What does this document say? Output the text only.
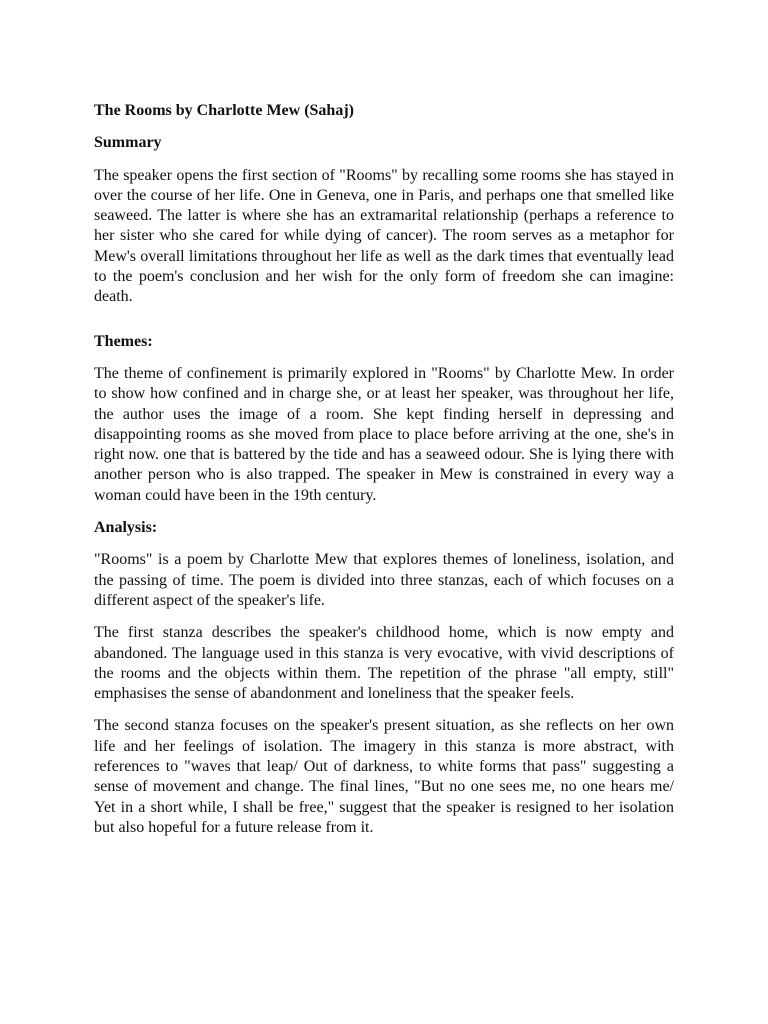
The Rooms by Charlotte Mew (Sahaj)
Summary

The speaker opens the first section of "Rooms" by recalling some rooms she has stayed in over the course of her life. One in Geneva, one in Paris, and perhaps one that smelled like seaweed. The latter is where she has an extramarital relationship (perhaps a reference to her sister who she cared for while dying of cancer). The room serves as a metaphor for Mew's overall limitations throughout her life as well as the dark times that eventually lead to the poem's conclusion and her wish for the only form of freedom she can imagine: death.

Themes:

The theme of confinement is primarily explored in "Rooms" by Charlotte Mew. In order to show how confined and in charge she, or at least her speaker, was throughout her life, the author uses the image of a room. She kept finding herself in depressing and disappointing rooms as she moved from place to place before arriving at the one, she's in right now. one that is battered by the tide and has a seaweed odour. She is lying there with another person who is also trapped. The speaker in Mew is constrained in every way a woman could have been in the 19th century.

Analysis:

"Rooms" is a poem by Charlotte Mew that explores themes of loneliness, isolation, and the passing of time. The poem is divided into three stanzas, each of which focuses on a different aspect of the speaker's life.

The first stanza describes the speaker's childhood home, which is now empty and abandoned. The language used in this stanza is very evocative, with vivid descriptions of the rooms and the objects within them. The repetition of the phrase "all empty, still" emphasises the sense of abandonment and loneliness that the speaker feels.

The second stanza focuses on the speaker's present situation, as she reflects on her own life and her feelings of isolation. The imagery in this stanza is more abstract, with references to "waves that leap/ Out of darkness, to white forms that pass" suggesting a sense of movement and change. The final lines, "But no one sees me, no one hears me/ Yet in a short while, I shall be free," suggest that the speaker is resigned to her isolation but also hopeful for a future release from it.
